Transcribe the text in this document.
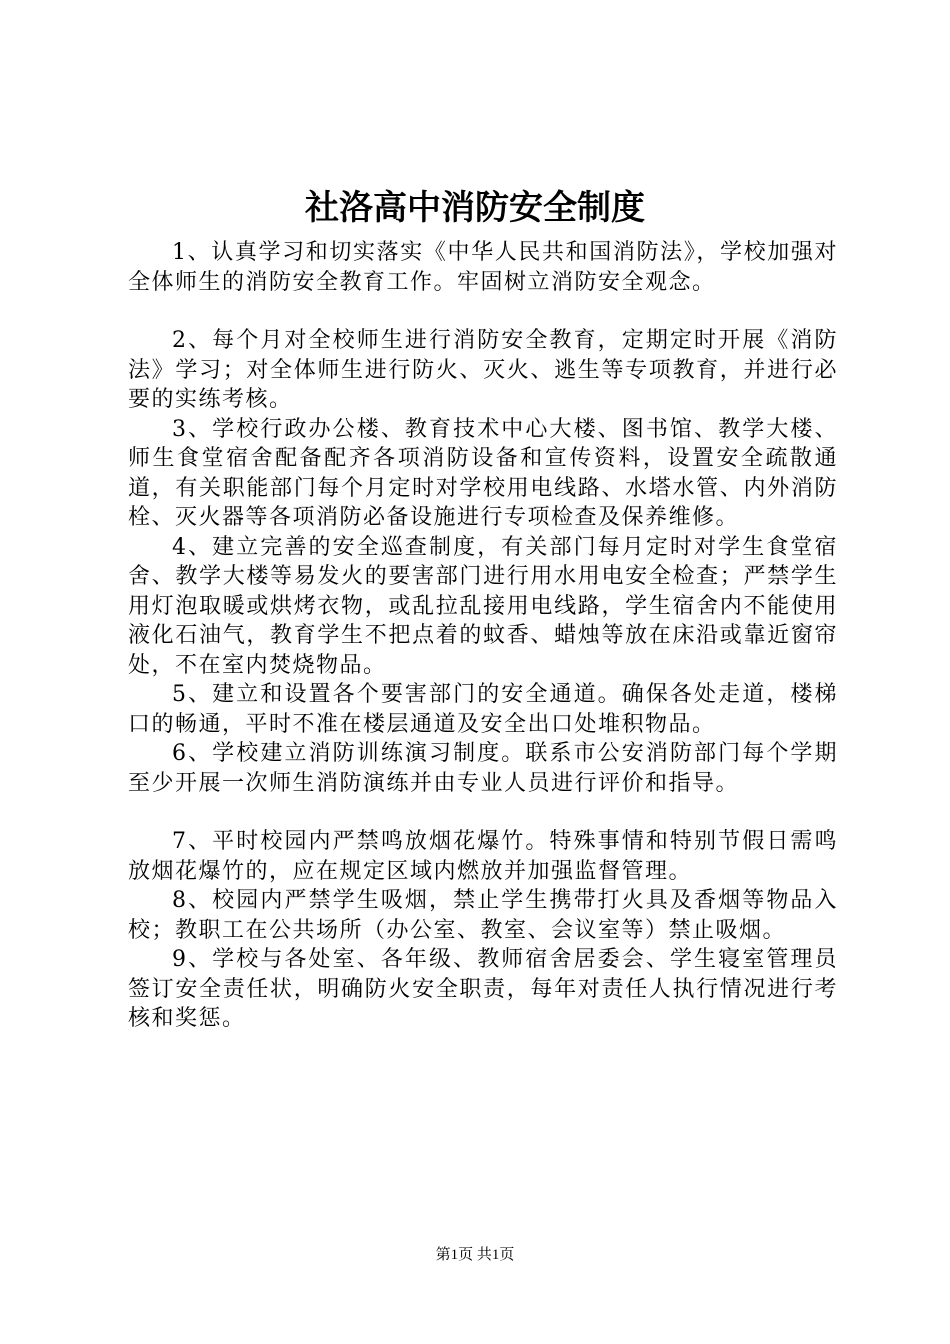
社洛高中消防安全制度

1、认真学习和切实落实《中华人民共和国消防法》，学校加强对全体师生的消防安全教育工作。牢固树立消防安全观念。

2、每个月对全校师生进行消防安全教育，定期定时开展《消防法》学习；对全体师生进行防火、灭火、逃生等专项教育，并进行必要的实练考核。

3、学校行政办公楼、教育技术中心大楼、图书馆、教学大楼、师生食堂宿舍配备配齐各项消防设备和宣传资料，设置安全疏散通道，有关职能部门每个月定时对学校用电线路、水塔水管、内外消防栓、灭火器等各项消防必备设施进行专项检查及保养维修。

4、建立完善的安全巡查制度，有关部门每月定时对学生食堂宿舍、教学大楼等易发火的要害部门进行用水用电安全检查；严禁学生用灯泡取暖或烘烤衣物，或乱拉乱接用电线路，学生宿舍内不能使用液化石油气，教育学生不把点着的蚊香、蜡烛等放在床沿或靠近窗帘处，不在室内焚烧物品。

5、建立和设置各个要害部门的安全通道。确保各处走道，楼梯口的畅通，平时不准在楼层通道及安全出口处堆积物品。

6、学校建立消防训练演习制度。联系市公安消防部门每个学期至少开展一次师生消防演练并由专业人员进行评价和指导。

7、平时校园内严禁鸣放烟花爆竹。特殊事情和特别节假日需鸣放烟花爆竹的，应在规定区域内燃放并加强监督管理。

8、校园内严禁学生吸烟，禁止学生携带打火具及香烟等物品入校；教职工在公共场所（办公室、教室、会议室等）禁止吸烟。

9、学校与各处室、各年级、教师宿舍居委会、学生寝室管理员签订安全责任状，明确防火安全职责，每年对责任人执行情况进行考核和奖惩。

第1页 共1页
